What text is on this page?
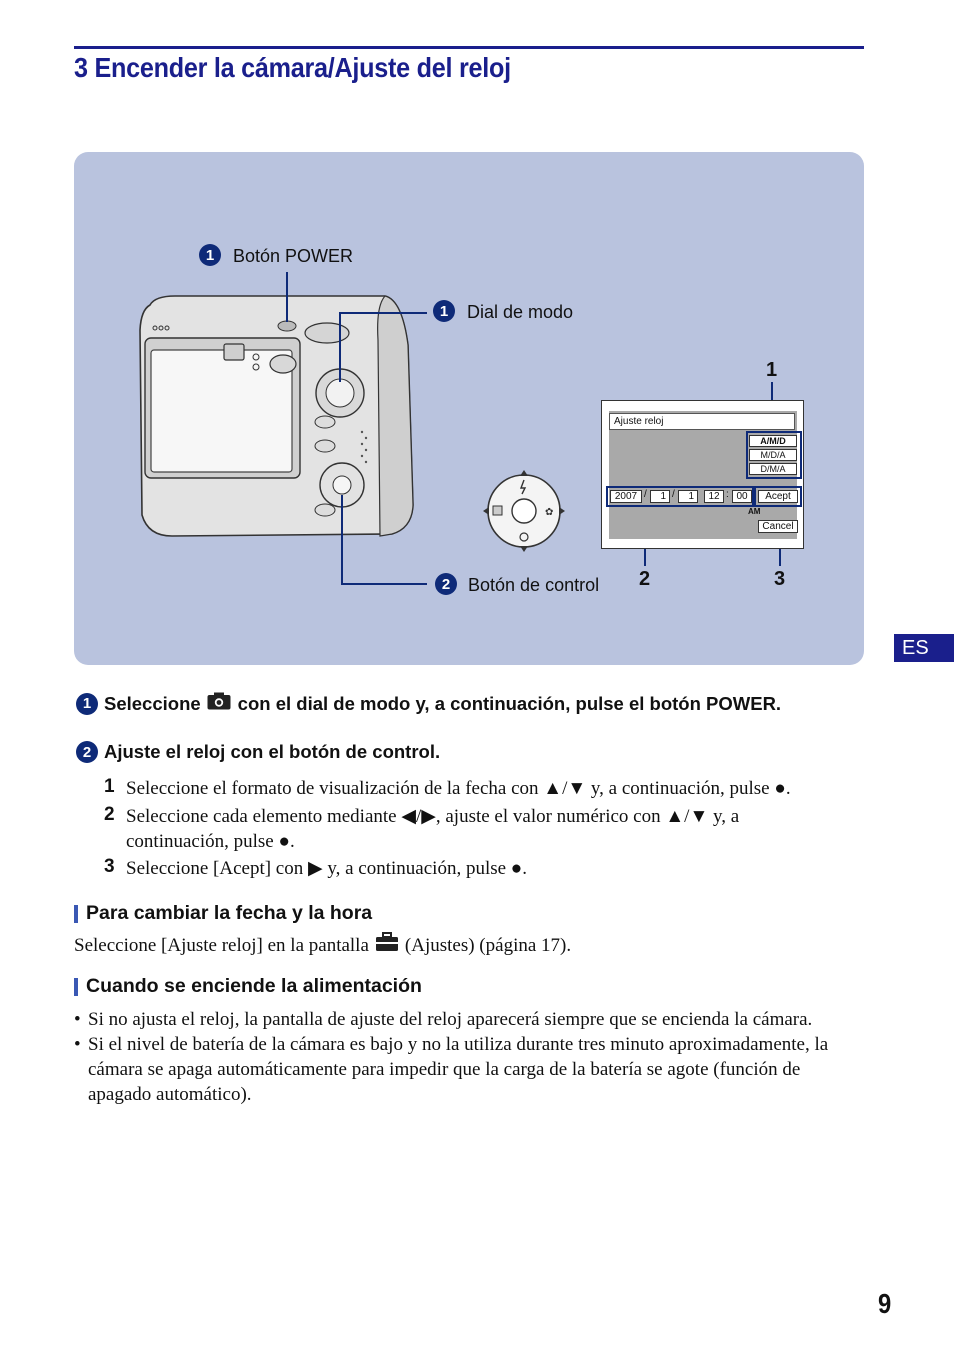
3 Encender la cámara/Ajuste del reloj
✿
1	Botón POWER
1	Dial de modo
2 Botón de control
Ajuste reloj
A/M/D
M/D/A
D/M/A
2007 /	1 /	1	12 : 00	Acept
AM
Cancel
1
2	3
ES
1 Seleccione con el dial de modo y, a continuación, pulse el botón POWER.
2 Ajuste el reloj con el botón de control.
1 Seleccione el formato de visualización de la fecha con ▲/▼ y, a continuación, pulse ●.
2 Seleccione cada elemento mediante ◀/▶, ajuste el valor numérico con ▲/▼ y, a continuación, pulse ●.
3 Seleccione [Acept] con ▶ y, a continuación, pulse ●.
Para cambiar la fecha y la hora
Seleccione [Ajuste reloj] en la pantalla (Ajustes) (página 17).
Cuando se enciende la alimentación
• Si no ajusta el reloj, la pantalla de ajuste del reloj aparecerá siempre que se encienda la cámara.
• Si el nivel de batería de la cámara es bajo y no la utiliza durante tres minuto aproximadamente, la cámara se apaga automáticamente para impedir que la carga de la batería se agote (función de apagado automático).
9
